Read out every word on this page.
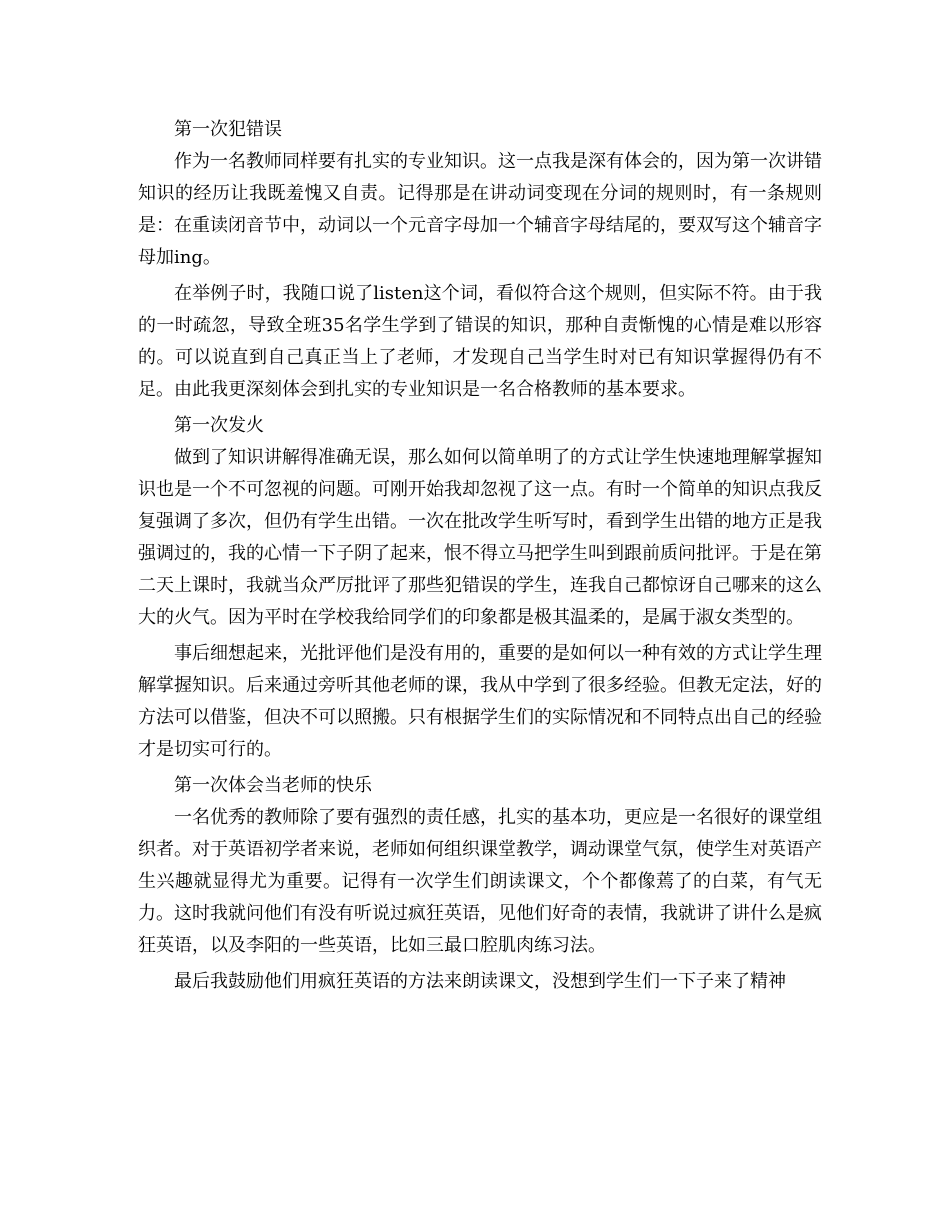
第一次犯错误

作为一名教师同样要有扎实的专业知识。这一点我是深有体会的，因为第一次讲错知识的经历让我既羞愧又自责。记得那是在讲动词变现在分词的规则时，有一条规则是：在重读闭音节中，动词以一个元音字母加一个辅音字母结尾的，要双写这个辅音字母加ing。

在举例子时，我随口说了listen这个词，看似符合这个规则，但实际不符。由于我的一时疏忽，导致全班35名学生学到了错误的知识，那种自责惭愧的心情是难以形容的。可以说直到自己真正当上了老师，才发现自己当学生时对已有知识掌握得仍有不足。由此我更深刻体会到扎实的专业知识是一名合格教师的基本要求。

第一次发火

做到了知识讲解得准确无误，那么如何以简单明了的方式让学生快速地理解掌握知识也是一个不可忽视的问题。可刚开始我却忽视了这一点。有时一个简单的知识点我反复强调了多次，但仍有学生出错。一次在批改学生听写时，看到学生出错的地方正是我强调过的，我的心情一下子阴了起来，恨不得立马把学生叫到跟前质问批评。于是在第二天上课时，我就当众严厉批评了那些犯错误的学生，连我自己都惊讶自己哪来的这么大的火气。因为平时在学校我给同学们的印象都是极其温柔的，是属于淑女类型的。

事后细想起来，光批评他们是没有用的，重要的是如何以一种有效的方式让学生理解掌握知识。后来通过旁听其他老师的课，我从中学到了很多经验。但教无定法，好的方法可以借鉴，但决不可以照搬。只有根据学生们的实际情况和不同特点出自己的经验才是切实可行的。

第一次体会当老师的快乐

一名优秀的教师除了要有强烈的责任感，扎实的基本功，更应是一名很好的课堂组织者。对于英语初学者来说，老师如何组织课堂教学，调动课堂气氛，使学生对英语产生兴趣就显得尤为重要。记得有一次学生们朗读课文，个个都像蔫了的白菜，有气无力。这时我就问他们有没有听说过疯狂英语，见他们好奇的表情，我就讲了讲什么是疯狂英语，以及李阳的一些英语，比如三最口腔肌肉练习法。

最后我鼓励他们用疯狂英语的方法来朗读课文，没想到学生们一下子来了精神
